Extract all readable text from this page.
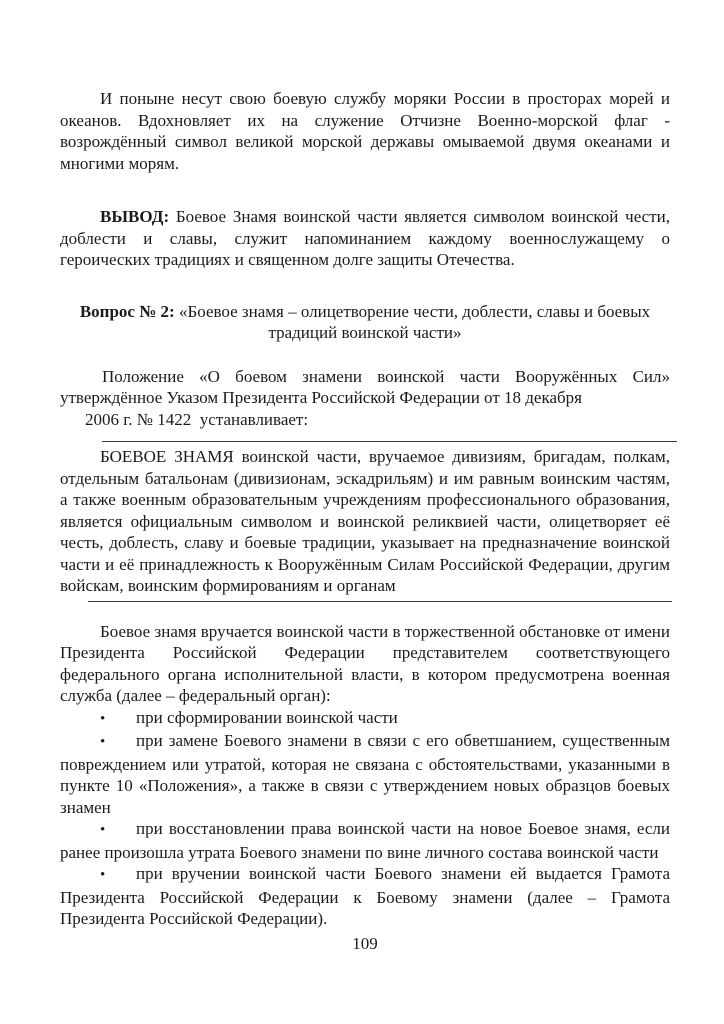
И поныне несут свою боевую службу моряки России в просторах морей и океанов. Вдохновляет их на служение Отчизне Военно-морской флаг - возрождённый символ великой морской державы омываемой двумя океанами и многими морям.

ВЫВОД: Боевое Знамя воинской части является символом воинской чести, доблести и славы, служит напоминанием каждому военнослужащему о героических традициях и священном долге защиты Отечества.

Вопрос № 2: «Боевое знамя – олицетворение чести, доблести, славы и боевых традиций воинской части»
Положение «О боевом знамени воинской части Вооружённых Сил»
утверждённое Указом Президента Российской Федерации от 18 декабря
2006 г. № 1422  устанавливает:

БОЕВОЕ ЗНАМЯ воинской части, вручаемое дивизиям, бригадам, полкам, отдельным батальонам (дивизионам, эскадрильям) и им равным воинским частям, а также военным образовательным учреждениям профессионального образования, является официальным символом и воинской реликвией части, олицетворяет её честь, доблесть, славу и боевые традиции, указывает на предназначение воинской части и её принадлежность к Вооружённым Силам Российской Федерации, другим войскам, воинским формированиям и органам

Боевое знамя вручается воинской части в торжественной обстановке от имени Президента Российской Федерации представителем соответствующего федерального органа исполнительной власти, в котором предусмотрена военная служба (далее – федеральный орган):

• при сформировании воинской части

• при замене Боевого знамени в связи с его обветшанием, существенным повреждением или утратой, которая не связана с обстоятельствами, указанными в пункте 10 «Положения», а также в связи с утверждением новых образцов боевых знамен

• при восстановлении права воинской части на новое Боевое знамя, если ранее произошла утрата Боевого знамени по вине личного состава воинской части

• при вручении воинской части Боевого знамени ей выдается Грамота Президента Российской Федерации к Боевому знамени (далее – Грамота Президента Российской Федерации).

109
